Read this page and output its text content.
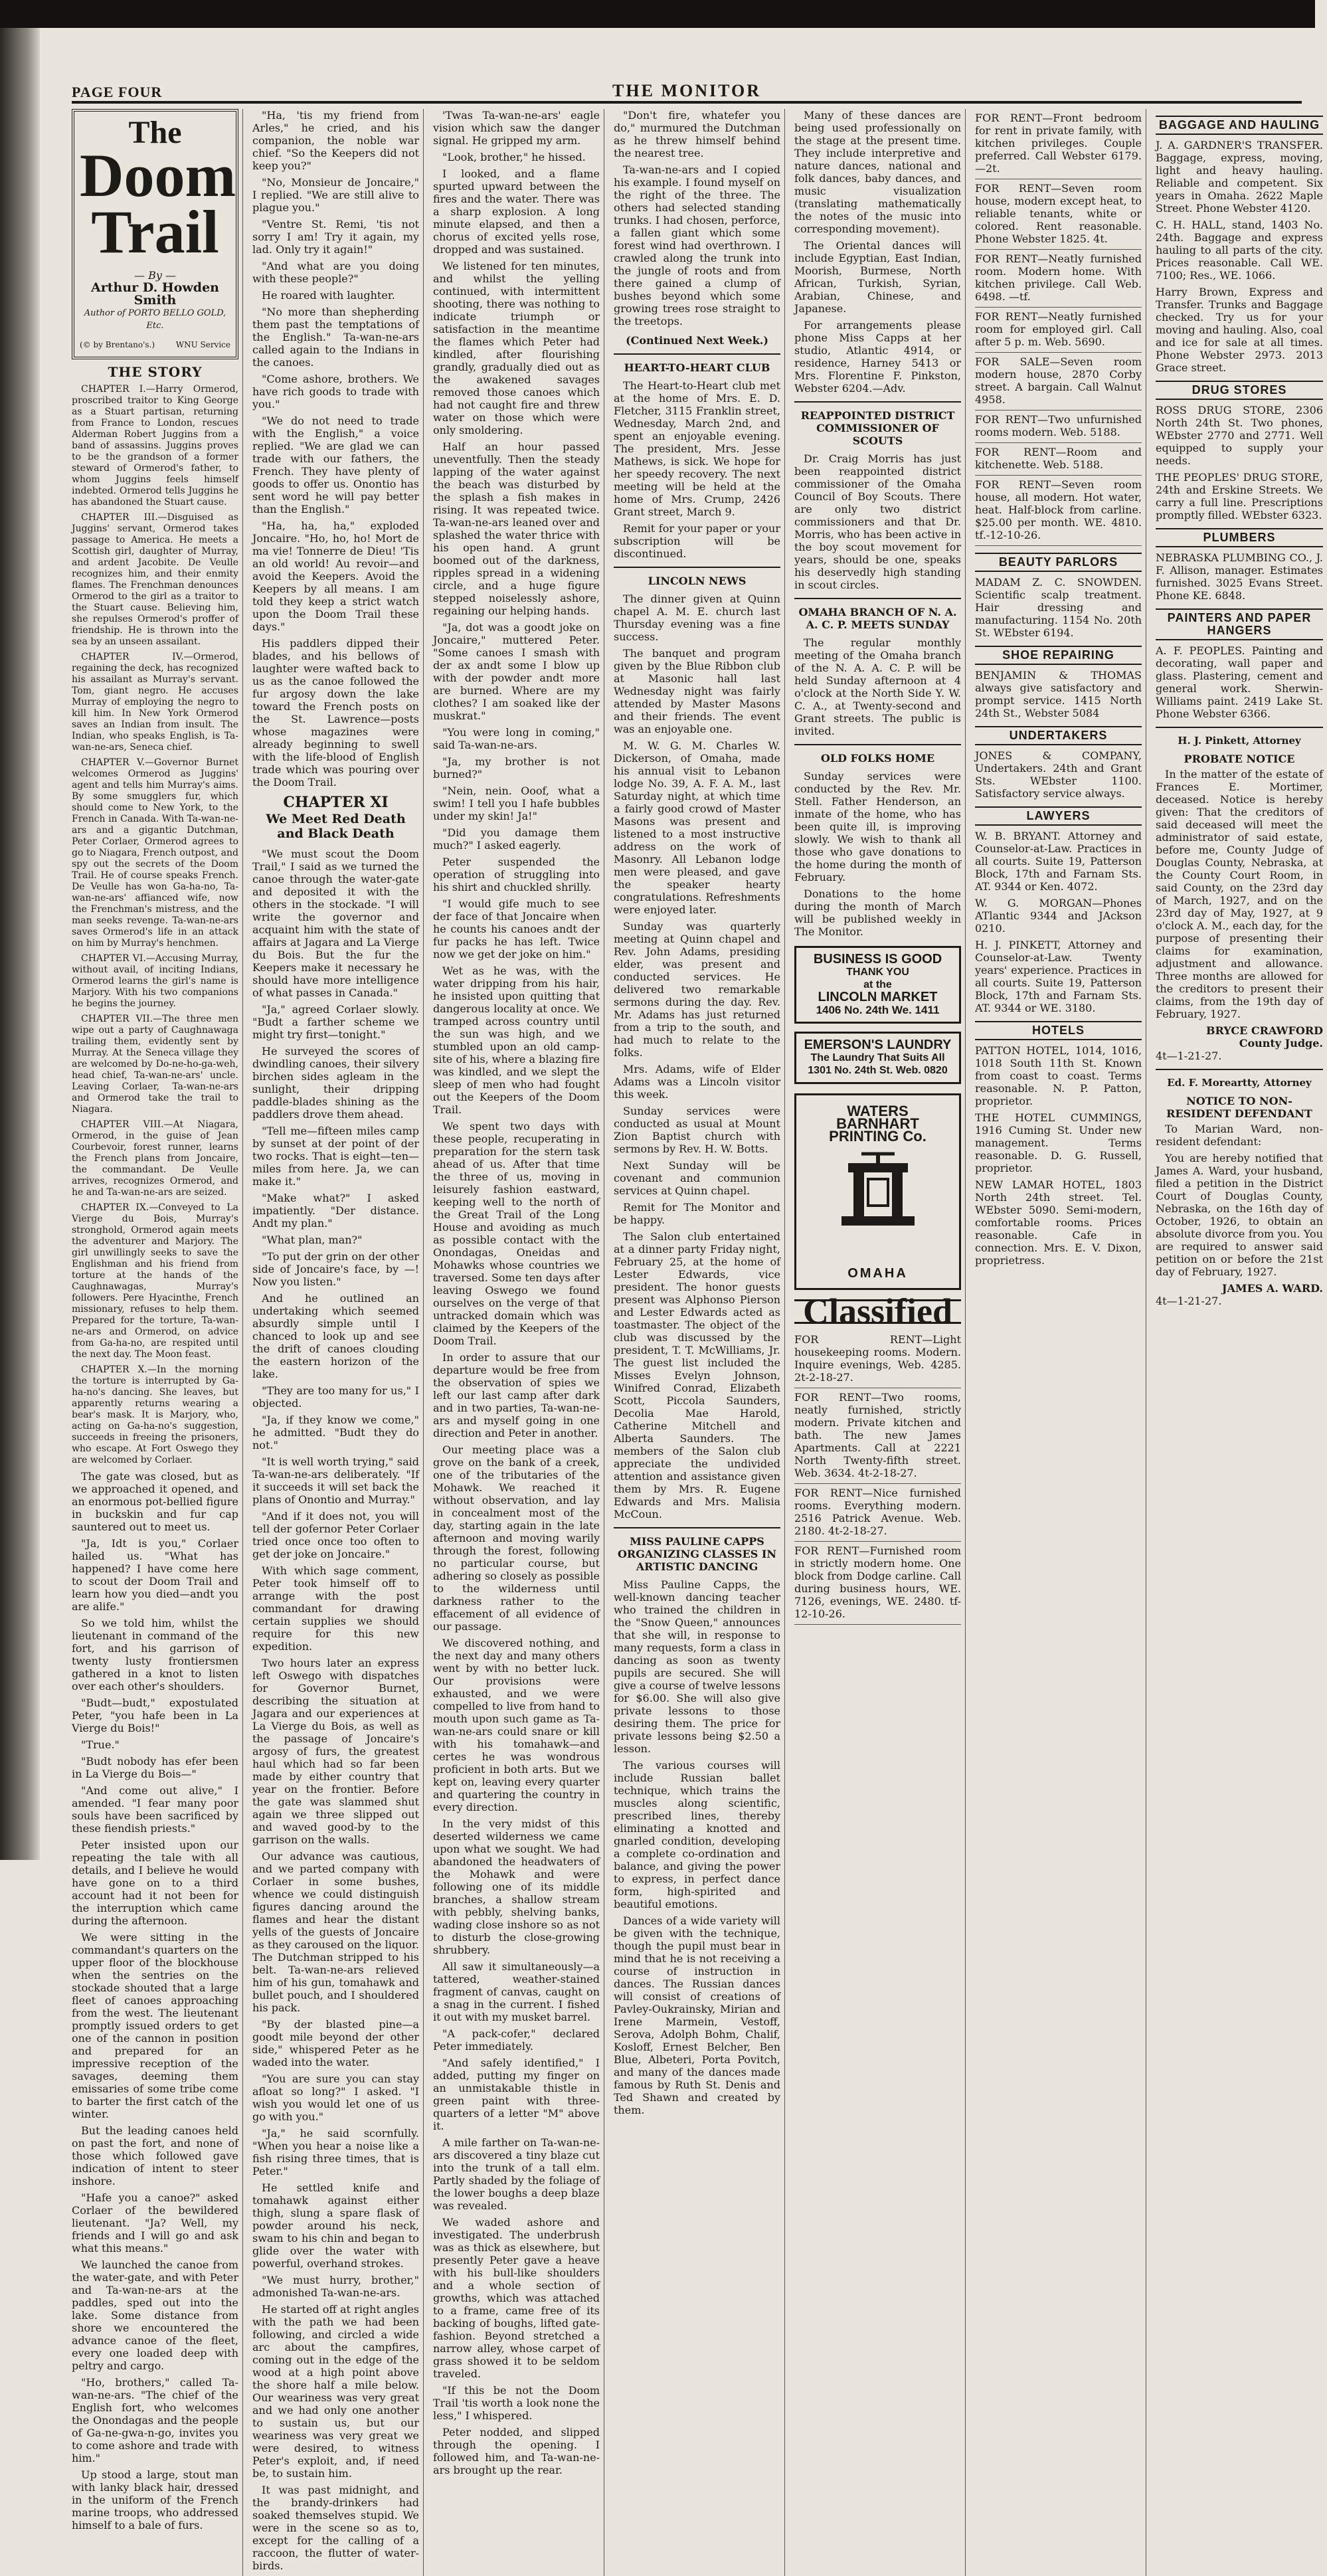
PAGE FOUR	THE MONITOR
The
Doom
Trail
— By —
Arthur D. Howden Smith
Author of PORTO BELLO GOLD, Etc.
(© by Brentano's.)	WNU Service
THE STORY

CHAPTER I.—Harry Ormerod, proscribed traitor to King George as a Stuart partisan, returning from France to London, rescues Alderman Robert Juggins from a band of assassins. Juggins proves to be the grandson of a former steward of Ormerod's father, to whom Juggins feels himself indebted. Ormerod tells Juggins he has abandoned the Stuart cause.

CHAPTER III.—Disguised as Juggins' servant, Ormerod takes passage to America. He meets a Scottish girl, daughter of Murray, and ardent Jacobite. De Veulle recognizes him, and their enmity flames. The Frenchman denounces Ormerod to the girl as a traitor to the Stuart cause. Believing him, she repulses Ormerod's proffer of friendship. He is thrown into the sea by an unseen assailant.

CHAPTER IV.—Ormerod, regaining the deck, has recognized his assailant as Murray's servant. Tom, giant negro. He accuses Murray of employing the negro to kill him. In New York Ormerod saves an Indian from insult. The Indian, who speaks English, is Ta-wan-ne-ars, Seneca chief.

CHAPTER V.—Governor Burnet welcomes Ormerod as Juggins' agent and tells him Murray's aims. By some smugglers fur, which should come to New York, to the French in Canada. With Ta-wan-ne-ars and a gigantic Dutchman, Peter Corlaer, Ormerod agrees to go to Niagara, French outpost, and spy out the secrets of the Doom Trail. He of course speaks French. De Veulle has won Ga-ha-no, Ta-wan-ne-ars' affianced wife, now the Frenchman's mistress, and the man seeks revenge. Ta-wan-ne-ars saves Ormerod's life in an attack on him by Murray's henchmen.

CHAPTER VI.—Accusing Murray, without avail, of inciting Indians, Ormerod learns the girl's name is Marjory. With his two companions he begins the journey.

CHAPTER VII.—The three men wipe out a party of Caughnawaga trailing them, evidently sent by Murray. At the Seneca village they are welcomed by Do-ne-ho-ga-weh, head chief, Ta-wan-ne-ars' uncle. Leaving Corlaer, Ta-wan-ne-ars and Ormerod take the trail to Niagara.

CHAPTER VIII.—At Niagara, Ormerod, in the guise of Jean Courbevoir, forest runner, learns the French plans from Joncaire, the commandant. De Veulle arrives, recognizes Ormerod, and he and Ta-wan-ne-ars are seized.

CHAPTER IX.—Conveyed to La Vierge du Bois, Murray's stronghold, Ormerod again meets the adventurer and Marjory. The girl unwillingly seeks to save the Englishman and his friend from torture at the hands of the Caughnawagas, Murray's followers. Pere Hyacinthe, French missionary, refuses to help them. Prepared for the torture, Ta-wan-ne-ars and Ormerod, on advice from Ga-ha-no, are respited until the next day. The Moon feast.

CHAPTER X.—In the morning the torture is interrupted by Ga-ha-no's dancing. She leaves, but apparently returns wearing a bear's mask. It is Marjory, who, acting on Ga-ha-no's suggestion, succeeds in freeing the prisoners, who escape. At Fort Oswego they are welcomed by Corlaer.

The gate was closed, but as we approached it opened, and an enormous pot-bellied figure in buckskin and fur cap sauntered out to meet us.

"Ja, Idt is you," Corlaer hailed us. "What has happened? I have come here to scout der Doom Trail and learn how you died—andt you are alife."

So we told him, whilst the lieutenant in command of the fort, and his garrison of twenty lusty frontiersmen gathered in a knot to listen over each other's shoulders.

"Budt—budt," expostulated Peter, "you hafe been in La Vierge du Bois!"

"True."

"Budt nobody has efer been in La Vierge du Bois—"

"And come out alive," I amended. "I fear many poor souls have been sacrificed by these fiendish priests."

Peter insisted upon our repeating the tale with all details, and I believe he would have gone on to a third account had it not been for the interruption which came during the afternoon.

We were sitting in the commandant's quarters on the upper floor of the blockhouse when the sentries on the stockade shouted that a large fleet of canoes approaching from the west. The lieutenant promptly issued orders to get one of the cannon in position and prepared for an impressive reception of the savages, deeming them emissaries of some tribe come to barter the first catch of the winter.

But the leading canoes held on past the fort, and none of those which followed gave indication of intent to steer inshore.

"Hafe you a canoe?" asked Corlaer of the bewildered lieutenant. "Ja? Well, my friends and I will go and ask what this means."

We launched the canoe from the water-gate, and with Peter and Ta-wan-ne-ars at the paddles, sped out into the lake. Some distance from shore we encountered the advance canoe of the fleet, every one loaded deep with peltry and cargo.

"Ho, brothers," called Ta-wan-ne-ars. "The chief of the English fort, who welcomes the Onondagas and the people of Ga-ne-gwa-n-go, invites you to come ashore and trade with him."

Up stood a large, stout man with lanky black hair, dressed in the uniform of the French marine troops, who addressed himself to a bale of furs.

"Ha, 'tis my friend from Arles," he cried, and his companion, the noble war chief. "So the Keepers did not keep you?"

"No, Monsieur de Joncaire," I replied. "We are still alive to plague you."

"Ventre St. Remi, 'tis not sorry I am! Try it again, my lad. Only try it again!"

"And what are you doing with these people?"

He roared with laughter.

"No more than shepherding them past the temptations of the English." Ta-wan-ne-ars called again to the Indians in the canoes.

"Come ashore, brothers. We have rich goods to trade with you."

"We do not need to trade with the English," a voice replied. "We are glad we can trade with our fathers, the French. They have plenty of goods to offer us. Onontio has sent word he will pay better than the English."

"Ha, ha, ha," exploded Joncaire. "Ho, ho, ho! Mort de ma vie! Tonnerre de Dieu! 'Tis an old world! Au revoir—and avoid the Keepers. Avoid the Keepers by all means. I am told they keep a strict watch upon the Doom Trail these days."

His paddlers dipped their blades, and his bellows of laughter were wafted back to us as the canoe followed the fur argosy down the lake toward the French posts on the St. Lawrence—posts whose magazines were already beginning to swell with the life-blood of English trade which was pouring over the Doom Trail.

CHAPTER XI
We Meet Red Death and Black Death

"We must scout the Doom Trail," I said as we turned the canoe through the water-gate and deposited it with the others in the stockade. "I will write the governor and acquaint him with the state of affairs at Jagara and La Vierge du Bois. But the fur the Keepers make it necessary he should have more intelligence of what passes in Canada."

"Ja," agreed Corlaer slowly. "Budt a farther scheme we might try first—tonight."

He surveyed the scores of dwindling canoes, their silvery birchen sides agleam in the sunlight, their dripping paddle-blades shining as the paddlers drove them ahead.

"Tell me—fifteen miles camp by sunset at der point of der two rocks. That is eight—ten—miles from here. Ja, we can make it."

"Make what?" I asked impatiently. "Der distance. Andt my plan."

"What plan, man?"

"To put der grin on der other side of Joncaire's face, by —! Now you listen."

And he outlined an undertaking which seemed absurdly simple until I chanced to look up and see the drift of canoes clouding the eastern horizon of the lake.

"They are too many for us," I objected.

"Ja, if they know we come," he admitted. "Budt they do not."

"It is well worth trying," said Ta-wan-ne-ars deliberately. "If it succeeds it will set back the plans of Onontio and Murray."

"And if it does not, you will tell der gofernor Peter Corlaer tried once once too often to get der joke on Joncaire."

With which sage comment, Peter took himself off to arrange with the post commandant for drawing certain supplies we should require for this new expedition.

Two hours later an express left Oswego with dispatches for Governor Burnet, describing the situation at Jagara and our experiences at La Vierge du Bois, as well as the passage of Joncaire's argosy of furs, the greatest haul which had so far been made by either country that year on the frontier. Before the gate was slammed shut again we three slipped out and waved good-by to the garrison on the walls.

Our advance was cautious, and we parted company with Corlaer in some bushes, whence we could distinguish figures dancing around the flames and hear the distant yells of the guests of Joncaire as they caroused on the liquor. The Dutchman stripped to his belt. Ta-wan-ne-ars relieved him of his gun, tomahawk and bullet pouch, and I shouldered his pack.

"By der blasted pine—a goodt mile beyond der other side," whispered Peter as he waded into the water.

"You are sure you can stay afloat so long?" I asked. "I wish you would let one of us go with you."

"Ja," he said scornfully. "When you hear a noise like a fish rising three times, that is Peter."

He settled knife and tomahawk against either thigh, slung a spare flask of powder around his neck, swam to his chin and began to glide over the water with powerful, overhand strokes.

"We must hurry, brother," admonished Ta-wan-ne-ars.

He started off at right angles with the path we had been following, and circled a wide arc about the campfires, coming out in the edge of the wood at a high point above the shore half a mile below. Our weariness was very great and we had only one another to sustain us, but our weariness was very great we were desired, to witness Peter's exploit, and, if need be, to sustain him.

It was past midnight, and the brandy-drinkers had soaked themselves stupid. We were in the scene so as to, except for the calling of a raccoon, the flutter of water-birds.

'Twas Ta-wan-ne-ars' eagle vision which saw the danger signal. He gripped my arm.

"Look, brother," he hissed.

I looked, and a flame spurted upward between the fires and the water. There was a sharp explosion. A long minute elapsed, and then a chorus of excited yells rose, dropped and was sustained.

We listened for ten minutes, and whilst the yelling continued, with intermittent shooting, there was nothing to indicate triumph or satisfaction in the meantime the flames which Peter had kindled, after flourishing grandly, gradually died out as the awakened savages removed those canoes which had not caught fire and threw water on those which were only smoldering.

Half an hour passed uneventfully. Then the steady lapping of the water against the beach was disturbed by the splash a fish makes in rising. It was repeated twice. Ta-wan-ne-ars leaned over and splashed the water thrice with his open hand. A grunt boomed out of the darkness, ripples spread in a widening circle, and a huge figure stepped noiselessly ashore, regaining our helping hands.

"Ja, dot was a goodt joke on Joncaire," muttered Peter. "Some canoes I smash with der ax andt some I blow up with der powder andt more are burned. Where are my clothes? I am soaked like der muskrat."

"You were long in coming," said Ta-wan-ne-ars.

"Ja, my brother is not burned?"

"Nein, nein. Ooof, what a swim! I tell you I hafe bubbles under my skin! Ja!"

"Did you damage them much?" I asked eagerly.

Peter suspended the operation of struggling into his shirt and chuckled shrilly.

"I would gife much to see der face of that Joncaire when he counts his canoes andt der fur packs he has left. Twice now we get der joke on him."

Wet as he was, with the water dripping from his hair, he insisted upon quitting that dangerous locality at once. We tramped across country until the sun was high, and we stumbled upon an old camp-site of his, where a blazing fire was kindled, and we slept the sleep of men who had fought out the Keepers of the Doom Trail.

We spent two days with these people, recuperating in preparation for the stern task ahead of us. After that time the three of us, moving in leisurely fashion eastward, keeping well to the north of the Great Trail of the Long House and avoiding as much as possible contact with the Onondagas, Oneidas and Mohawks whose countries we traversed. Some ten days after leaving Oswego we found ourselves on the verge of that untracked domain which was claimed by the Keepers of the Doom Trail.

In order to assure that our departure would be free from the observation of spies we left our last camp after dark and in two parties, Ta-wan-ne-ars and myself going in one direction and Peter in another.

Our meeting place was a grove on the bank of a creek, one of the tributaries of the Mohawk. We reached it without observation, and lay in concealment most of the day, starting again in the late afternoon and moving warily through the forest, following no particular course, but adhering so closely as possible to the wilderness until darkness rather to the effacement of all evidence of our passage.

We discovered nothing, and the next day and many others went by with no better luck. Our provisions were exhausted, and we were compelled to live from hand to mouth upon such game as Ta-wan-ne-ars could snare or kill with his tomahawk—and certes he was wondrous proficient in both arts. But we kept on, leaving every quarter and quartering the country in every direction.

In the very midst of this deserted wilderness we came upon what we sought. We had abandoned the headwaters of the Mohawk and were following one of its middle branches, a shallow stream with pebbly, shelving banks, wading close inshore so as not to disturb the close-growing shrubbery.

All saw it simultaneously—a tattered, weather-stained fragment of canvas, caught on a snag in the current. I fished it out with my musket barrel.

"A pack-cofer," declared Peter immediately.

"And safely identified," I added, putting my finger on an unmistakable thistle in green paint with three-quarters of a letter "M" above it.

A mile farther on Ta-wan-ne-ars discovered a tiny blaze cut into the trunk of a tall elm. Partly shaded by the foliage of the lower boughs a deep blaze was revealed.

We waded ashore and investigated. The underbrush was as thick as elsewhere, but presently Peter gave a heave with his bull-like shoulders and a whole section of growths, which was attached to a frame, came free of its backing of boughs, lifted gate-fashion. Beyond stretched a narrow alley, whose carpet of grass showed it to be seldom traveled.

"If this be not the Doom Trail 'tis worth a look none the less," I whispered.

Peter nodded, and slipped through the opening. I followed him, and Ta-wan-ne-ars brought up the rear.

"Don't fire, whatefer you do," murmured the Dutchman as he threw himself behind the nearest tree.

Ta-wan-ne-ars and I copied his example. I found myself on the right of the three. The others had selected standing trunks. I had chosen, perforce, a fallen giant which some forest wind had overthrown. I crawled along the trunk into the jungle of roots and from there gained a clump of bushes beyond which some growing trees rose straight to the treetops.

(Continued Next Week.)
HEART-TO-HEART CLUB

The Heart-to-Heart club met at the home of Mrs. E. D. Fletcher, 3115 Franklin street, Wednesday, March 2nd, and spent an enjoyable evening. The president, Mrs. Jesse Mathews, is sick. We hope for her speedy recovery. The next meeting will be held at the home of Mrs. Crump, 2426 Grant street, March 9.

Remit for your paper or your subscription will be discontinued.

LINCOLN NEWS

The dinner given at Quinn chapel A. M. E. church last Thursday evening was a fine success.

The banquet and program given by the Blue Ribbon club at Masonic hall last Wednesday night was fairly attended by Master Masons and their friends. The event was an enjoyable one.

M. W. G. M. Charles W. Dickerson, of Omaha, made his annual visit to Lebanon lodge No. 39, A. F. A. M., last Saturday night, at which time a fairly good crowd of Master Masons was present and listened to a most instructive address on the work of Masonry. All Lebanon lodge men were pleased, and gave the speaker hearty congratulations. Refreshments were enjoyed later.

Sunday was quarterly meeting at Quinn chapel and Rev. John Adams, presiding elder, was present and conducted services. He delivered two remarkable sermons during the day. Rev. Mr. Adams has just returned from a trip to the south, and had much to relate to the folks.

Mrs. Adams, wife of Elder Adams was a Lincoln visitor this week.

Sunday services were conducted as usual at Mount Zion Baptist church with sermons by Rev. H. W. Botts.

Next Sunday will be covenant and communion services at Quinn chapel.

Remit for The Monitor and be happy.

The Salon club entertained at a dinner party Friday night, February 25, at the home of Lester Edwards, vice president. The honor guests present was Alphonso Pierson and Lester Edwards acted as toastmaster. The object of the club was discussed by the president, T. T. McWilliams, Jr. The guest list included the Misses Evelyn Johnson, Winifred Conrad, Elizabeth Scott, Piccola Saunders, Decolia Mae Harold, Catherine Mitchell and Alberta Saunders. The members of the Salon club appreciate the undivided attention and assistance given them by Mrs. R. Eugene Edwards and Mrs. Malisia McCoun.

MISS PAULINE CAPPS ORGANIZING CLASSES IN ARTISTIC DANCING

Miss Pauline Capps, the well-known dancing teacher who trained the children in the "Snow Queen," announces that she will, in response to many requests, form a class in dancing as soon as twenty pupils are secured. She will give a course of twelve lessons for $6.00. She will also give private lessons to those desiring them. The price for private lessons being $2.50 a lesson.

The various courses will include Russian ballet technique, which trains the muscles along scientific, prescribed lines, thereby eliminating a knotted and gnarled condition, developing a complete co-ordination and balance, and giving the power to express, in perfect dance form, high-spirited and beautiful emotions.

Dances of a wide variety will be given with the technique, though the pupil must bear in mind that he is not receiving a course of instruction in dances. The Russian dances will consist of creations of Pavley-Oukrainsky, Mirian and Irene Marmein, Vestoff, Serova, Adolph Bohm, Chalif, Kosloff, Ernest Belcher, Ben Blue, Albeteri, Porta Povitch, and many of the dances made famous by Ruth St. Denis and Ted Shawn and created by them.

Many of these dances are being used professionally on the stage at the present time. They include interpretive and nature dances, national and folk dances, baby dances, and music visualization (translating mathematically the notes of the music into corresponding movement).

The Oriental dances will include Egyptian, East Indian, Moorish, Burmese, North African, Turkish, Syrian, Arabian, Chinese, and Japanese.

For arrangements please phone Miss Capps at her studio, Atlantic 4914, or residence, Harney 5413 or Mrs. Florentine F. Pinkston, Webster 6204.—Adv.

REAPPOINTED DISTRICT COMMISSIONER OF SCOUTS

Dr. Craig Morris has just been reappointed district commissioner of the Omaha Council of Boy Scouts. There are only two district commissioners and that Dr. Morris, who has been active in the boy scout movement for years, should be one, speaks his deservedly high standing in scout circles.

OMAHA BRANCH OF N. A. A. C. P. MEETS SUNDAY

The regular monthly meeting of the Omaha branch of the N. A. A. C. P. will be held Sunday afternoon at 4 o'clock at the North Side Y. W. C. A., at Twenty-second and Grant streets. The public is invited.

OLD FOLKS HOME

Sunday services were conducted by the Rev. Mr. Stell. Father Henderson, an inmate of the home, who has been quite ill, is improving slowly. We wish to thank all those who gave donations to the home during the month of February.

Donations to the home during the month of March will be published weekly in The Monitor.

BUSINESS IS GOOD
THANK YOU
at the
LINCOLN MARKET
1406 No. 24th We. 1411
EMERSON'S LAUNDRY
The Laundry That Suits All
1301 No. 24th St. Web. 0820
WATERS
BARNHART
PRINTING Co.
OMAHA
Classified
FOR RENT—Light housekeeping rooms. Modern. Inquire evenings, Web. 4285. 2t-2-18-27.
FOR RENT—Two rooms, neatly furnished, strictly modern. Private kitchen and bath. The new James Apartments. Call at 2221 North Twenty-fifth street. Web. 3634. 4t-2-18-27.
FOR RENT—Nice furnished rooms. Everything modern. 2516 Patrick Avenue. Web. 2180. 4t-2-18-27.
FOR RENT—Furnished room in strictly modern home. One block from Dodge carline. Call during business hours, WE. 7126, evenings, WE. 2480. tf-12-10-26.
FOR RENT—Front bedroom for rent in private family, with kitchen privileges. Couple preferred. Call Webster 6179.—2t.
FOR RENT—Seven room house, modern except heat, to reliable tenants, white or colored. Rent reasonable. Phone Webster 1825. 4t.
FOR RENT—Neatly furnished room. Modern home. With kitchen privilege. Call Web. 6498. —tf.
FOR RENT—Neatly furnished room for employed girl. Call after 5 p. m. Web. 5690.
FOR SALE—Seven room modern house, 2870 Corby street. A bargain. Call Walnut 4958.
FOR RENT—Two unfurnished rooms modern. Web. 5188.
FOR RENT—Room and kitchenette. Web. 5188.
FOR RENT—Seven room house, all modern. Hot water, heat. Half-block from carline. $25.00 per month. WE. 4810. tf.-12-10-26.
BEAUTY PARLORS

MADAM Z. C. SNOWDEN. Scientific scalp treatment. Hair dressing and manufacturing. 1154 No. 20th St. WEbster 6194.

SHOE REPAIRING

BENJAMIN & THOMAS always give satisfactory and prompt service. 1415 North 24th St., Webster 5084

UNDERTAKERS

JONES & COMPANY, Undertakers. 24th and Grant Sts. WEbster 1100. Satisfactory service always.

LAWYERS

W. B. BRYANT. Attorney and Counselor-at-Law. Practices in all courts. Suite 19, Patterson Block, 17th and Farnam Sts. AT. 9344 or Ken. 4072.

W. G. MORGAN—Phones ATlantic 9344 and JAckson 0210.

H. J. PINKETT, Attorney and Counselor-at-Law. Twenty years' experience. Practices in all courts. Suite 19, Patterson Block, 17th and Farnam Sts. AT. 9344 or WE. 3180.

HOTELS

PATTON HOTEL, 1014, 1016, 1018 South 11th St. Known from coast to coast. Terms reasonable. N. P. Patton, proprietor.

THE HOTEL CUMMINGS, 1916 Cuming St. Under new management. Terms reasonable. D. G. Russell, proprietor.

NEW LAMAR HOTEL, 1803 North 24th street. Tel. WEbster 5090. Semi-modern, comfortable rooms. Prices reasonable. Cafe in connection. Mrs. E. V. Dixon, proprietress.

BAGGAGE AND HAULING

J. A. GARDNER'S TRANSFER. Baggage, express, moving, light and heavy hauling. Reliable and competent. Six years in Omaha. 2622 Maple Street. Phone Webster 4120.

C. H. HALL, stand, 1403 No. 24th. Baggage and express hauling to all parts of the city. Prices reasonable. Call WE. 7100; Res., WE. 1066.

Harry Brown, Express and Transfer. Trunks and Baggage checked. Try us for your moving and hauling. Also, coal and ice for sale at all times. Phone Webster 2973. 2013 Grace street.

DRUG STORES

ROSS DRUG STORE, 2306 North 24th St. Two phones, WEbster 2770 and 2771. Well equipped to supply your needs.

THE PEOPLES' DRUG STORE, 24th and Erskine Streets. We carry a full line. Prescriptions promptly filled. WEbster 6323.

PLUMBERS

NEBRASKA PLUMBING CO., J. F. Allison, manager. Estimates furnished. 3025 Evans Street. Phone KE. 6848.

PAINTERS AND PAPER HANGERS

A. F. PEOPLES. Painting and decorating, wall paper and glass. Plastering, cement and general work. Sherwin-Williams paint. 2419 Lake St. Phone Webster 6366.

H. J. Pinkett, Attorney
PROBATE NOTICE

In the matter of the estate of Frances E. Mortimer, deceased. Notice is hereby given: That the creditors of said deceased will meet the administrator of said estate, before me, County Judge of Douglas County, Nebraska, at the County Court Room, in said County, on the 23rd day of March, 1927, and on the 23rd day of May, 1927, at 9 o'clock A. M., each day, for the purpose of presenting their claims for examination, adjustment and allowance. Three months are allowed for the creditors to present their claims, from the 19th day of February, 1927.

BRYCE CRAWFORD
County Judge.
4t—1-21-27.
Ed. F. Moreartty, Attorney
NOTICE TO NON-RESIDENT DEFENDANT

To Marian Ward, non-resident defendant:

You are hereby notified that James A. Ward, your husband, filed a petition in the District Court of Douglas County, Nebraska, on the 16th day of October, 1926, to obtain an absolute divorce from you. You are required to answer said petition on or before the 21st day of February, 1927.

JAMES A. WARD.
4t—1-21-27.
